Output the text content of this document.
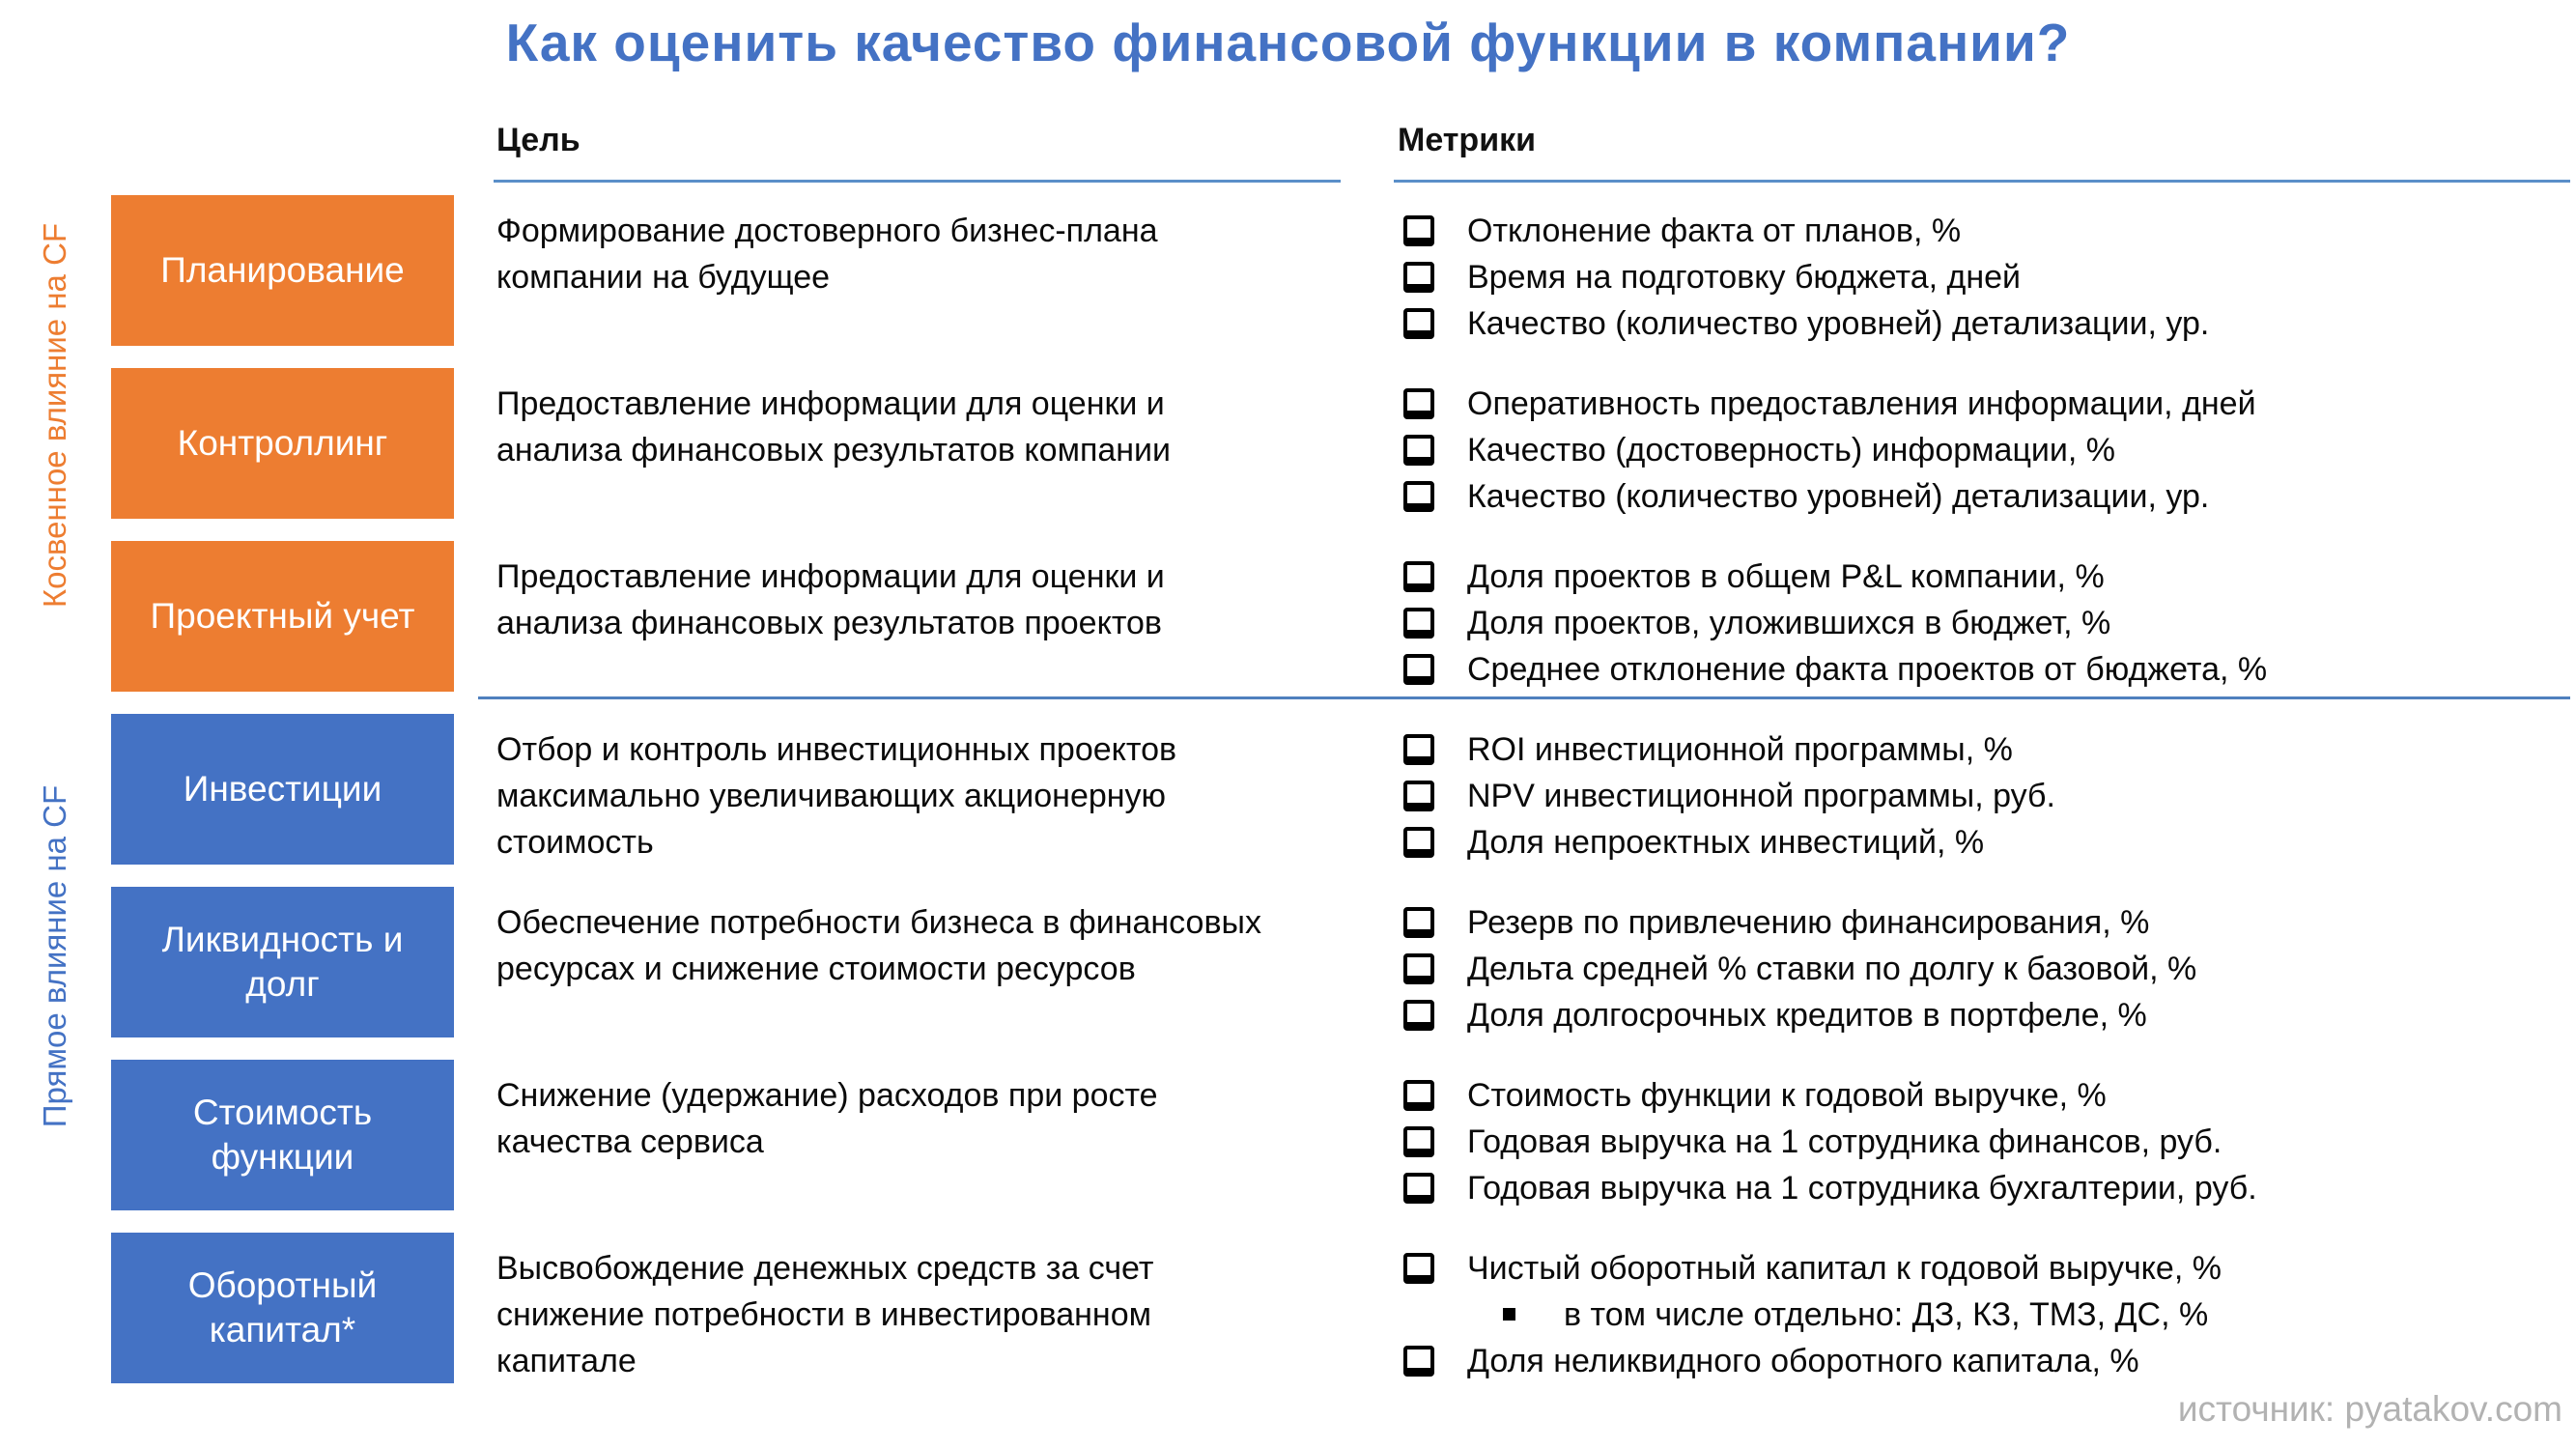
Как оценить качество финансовой функции в компании?
Цель	Метрики
Косвенное влияние на CF
Прямое влияние на CF
Планирование
Формирование достоверного бизнес-плана компании на будущее
Отклонение факта от планов, %
Время на подготовку бюджета, дней
Качество (количество уровней) детализации, ур.
Контроллинг
Предоставление информации для оценки и анализа финансовых результатов компании
Оперативность предоставления информации, дней
Качество (достоверность) информации, %
Качество (количество уровней) детализации, ур.
Проектный учет
Предоставление информации для оценки и анализа финансовых результатов проектов
Доля проектов в общем P&L компании, %
Доля проектов, уложившихся в бюджет, %
Среднее отклонение факта проектов от бюджета, %
Инвестиции
Отбор и контроль инвестиционных проектов максимально увеличивающих акционерную стоимость
ROI инвестиционной программы, %
NPV инвестиционной программы, руб.
Доля непроектных инвестиций, %
Ликвидность и долг
Обеспечение потребности бизнеса в финансовых ресурсах и снижение стоимости ресурсов
Резерв по привлечению финансирования, %
Дельта средней % ставки по долгу к базовой, %
Доля долгосрочных кредитов в портфеле, %
Стоимость функции
Снижение (удержание) расходов при росте качества сервиса
Стоимость функции к годовой выручке, %
Годовая выручка на 1 сотрудника финансов, руб.
Годовая выручка на 1 сотрудника бухгалтерии, руб.
Оборотный капитал*
Высвобождение денежных средств за счет снижение потребности в инвестированном капитале
Чистый оборотный капитал к годовой выручке, %
в том числе отдельно: ДЗ, КЗ, ТМЗ, ДС, %
Доля неликвидного оборотного капитала, %
источник: pyatakov.com
